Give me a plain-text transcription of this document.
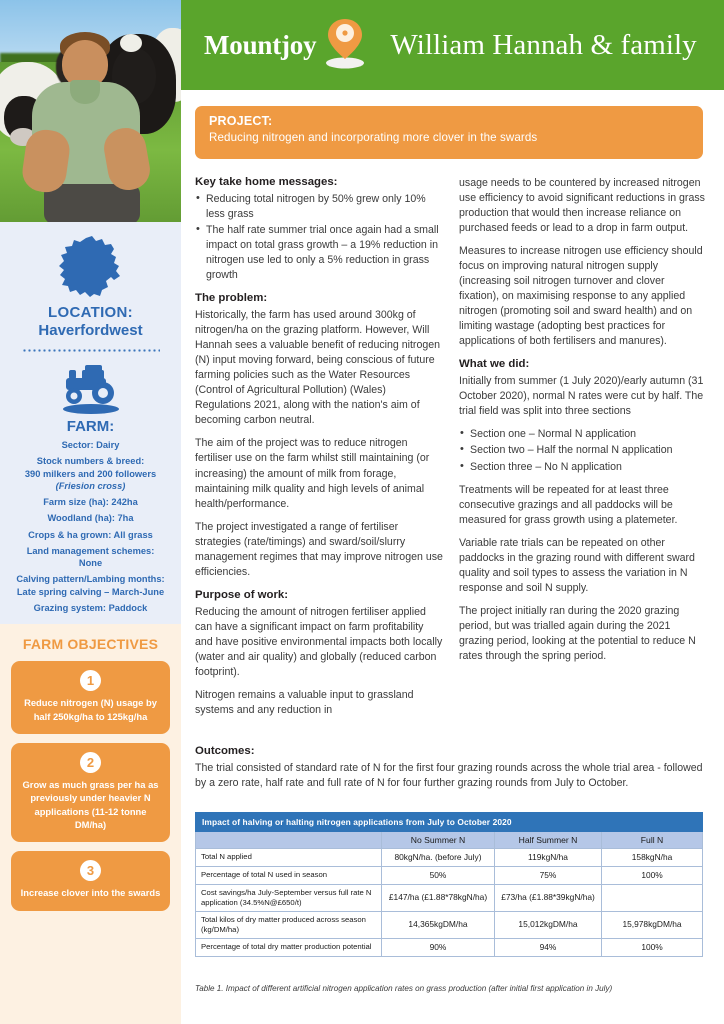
LOCATION:
Haverfordwest
FARM:
Sector: Dairy
Stock numbers & breed:
390 milkers and 200 followers
(Friesion cross)
Farm size (ha): 242ha
Woodland (ha): 7ha
Crops & ha grown: All grass
Land management schemes:
None
Calving pattern/Lambing months:
Late spring calving – March-June
Grazing system: Paddock
FARM OBJECTIVES
1
Reduce nitrogen (N) usage by half 250kg/ha to 125kg/ha
2
Grow as much grass per ha as previously under heavier N applications (11-12 tonne DM/ha)
3
Increase clover into the swards
Mountjoy	William Hannah & family
PROJECT:
Reducing nitrogen and incorporating more clover in the swards
Key take home messages:
• Reducing total nitrogen by 50% grew only 10% less grass
• The half rate summer trial once again had a small impact on total grass growth – a 19% reduction in nitrogen use led to only a 5% reduction in grass growth
The problem:

Historically, the farm has used around 300kg of nitrogen/ha on the grazing platform. However, Will Hannah sees a valuable benefit of reducing nitrogen (N) input moving forward, being conscious of future farming policies such as the Water Resources (Control of Agricultural Pollution) (Wales) Regulations 2021, along with the nation's aim of becoming carbon neutral.

The aim of the project was to reduce nitrogen fertiliser use on the farm whilst still maintaining (or increasing) the amount of milk from forage, maintaining milk quality and high levels of animal health/performance.

The project investigated a range of fertiliser strategies (rate/timings) and sward/soil/slurry management regimes that may improve nitrogen use efficiencies.

Purpose of work:

Reducing the amount of nitrogen fertiliser applied can have a significant impact on farm profitability and have positive environmental impacts both locally (water and air quality) and globally (reduced carbon footprint).

Nitrogen remains a valuable input to grassland systems and any reduction in

usage needs to be countered by increased nitrogen use efficiency to avoid significant reductions in grass production that would then increase reliance on purchased feeds or lead to a drop in farm output.

Measures to increase nitrogen use efficiency should focus on improving natural nitrogen supply (increasing soil nitrogen turnover and clover fixation), on maximising response to any applied nitrogen (promoting soil and sward health) and on limiting wastage (adopting best practices for applications of both fertilisers and manures).

What we did:

Initially from summer (1 July 2020)/early autumn (31 October 2020), normal N rates were cut by half. The trial field was split into three sections

• Section one – Normal N application
• Section two – Half the normal N application
• Section three – No N application

Treatments will be repeated for at least three consecutive grazings and all paddocks will be measured for grass growth using a platemeter.

Variable rate trials can be repeated on other paddocks in the grazing round with different sward quality and soil types to assess the variation in N response and soil N supply.

The project initially ran during the 2020 grazing period, but was trialled again during the 2021 grazing period, looking at the potential to reduce N rates through the spring period.

Outcomes:

The trial consisted of standard rate of N for the first four grazing rounds across the whole trial area - followed by a zero rate, half rate and full rate of N for four further grazing rounds from July to October.

Impact of halving or halting nitrogen applications from July to October 2020			
	No Summer N	Half Summer N	Full N
Total N applied	80kgN/ha. (before July)	119kgN/ha	158kgN/ha
Percentage of total N used in season	50%	75%	100%
Cost savings/ha July-September versus full rate N application (34.5%N@£650/t)	£147/ha (£1.88*78kgN/ha)	£73/ha (£1.88*39kgN/ha)	
Total kilos of dry matter produced across season (kg/DM/ha)	14,365kgDM/ha	15,012kgDM/ha	15,978kgDM/ha
Percentage of total dry matter production potential	90%	94%	100%
Table 1. Impact of different artificial nitrogen application rates on grass production (after initial first application in July)
